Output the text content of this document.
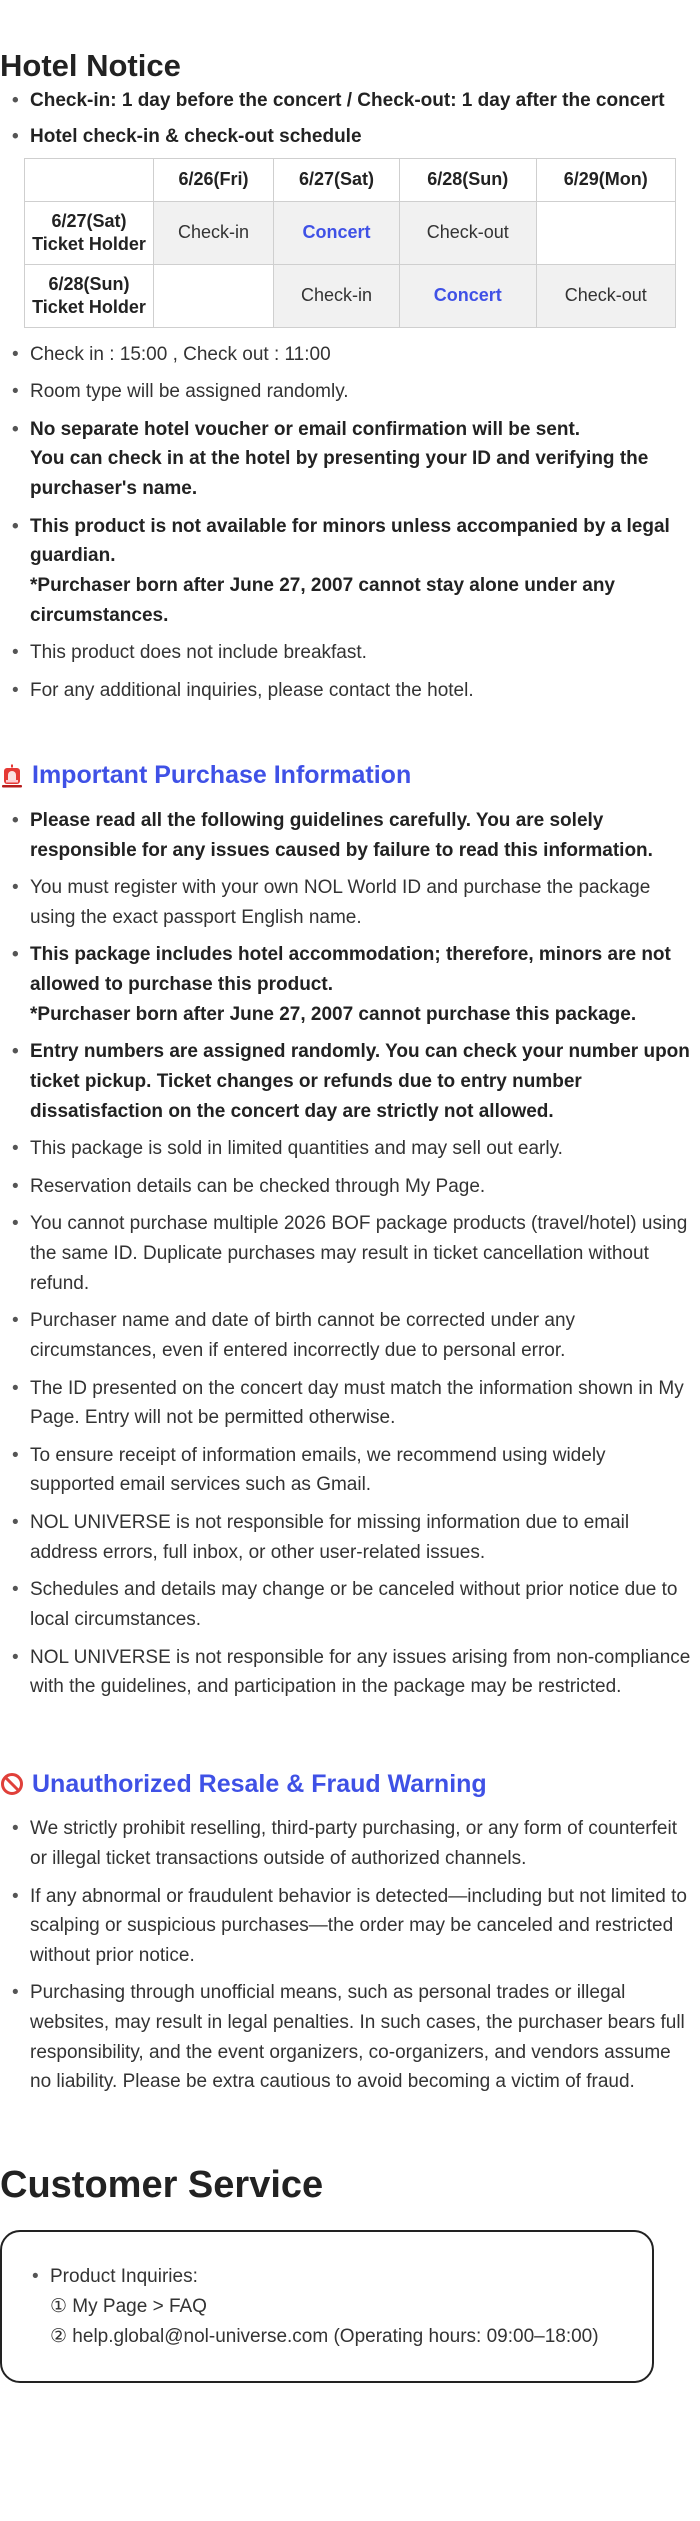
Hotel Notice
• Check-in: 1 day before the concert / Check-out: 1 day after the concert
• Hotel check-in & check-out schedule
	6/26(Fri)	6/27(Sat)	6/28(Sun)	6/29(Mon)
6/27(Sat)
Ticket Holder	Check-in	Concert	Check-out	
6/28(Sun)
Ticket Holder		Check-in	Concert	Check-out
• Check in : 15:00 , Check out : 11:00
• Room type will be assigned randomly.
• No separate hotel voucher or email confirmation will be sent.
You can check in at the hotel by presenting your ID and verifying the purchaser's name.
• This product is not available for minors unless accompanied by a legal guardian.
*Purchaser born after June 27, 2007 cannot stay alone under any circumstances.
• This product does not include breakfast.
• For any additional inquiries, please contact the hotel.
Important Purchase Information
• Please read all the following guidelines carefully. You are solely responsible for any issues caused by failure to read this information.
• You must register with your own NOL World ID and purchase the package using the exact passport English name.
• This package includes hotel accommodation; therefore, minors are not allowed to purchase this product.
*Purchaser born after June 27, 2007 cannot purchase this package.
• Entry numbers are assigned randomly. You can check your number upon ticket pickup. Ticket changes or refunds due to entry number dissatisfaction on the concert day are strictly not allowed.
• This package is sold in limited quantities and may sell out early.
• Reservation details can be checked through My Page.
• You cannot purchase multiple 2026 BOF package products (travel/hotel) using the same ID. Duplicate purchases may result in ticket cancellation without refund.
• Purchaser name and date of birth cannot be corrected under any circumstances, even if entered incorrectly due to personal error.
• The ID presented on the concert day must match the information shown in My Page. Entry will not be permitted otherwise.
• To ensure receipt of information emails, we recommend using widely supported email services such as Gmail.
• NOL UNIVERSE is not responsible for missing information due to email address errors, full inbox, or other user-related issues.
• Schedules and details may change or be canceled without prior notice due to local circumstances.
• NOL UNIVERSE is not responsible for any issues arising from non-compliance with the guidelines, and participation in the package may be restricted.
Unauthorized Resale & Fraud Warning
• We strictly prohibit reselling, third-party purchasing, or any form of counterfeit or illegal ticket transactions outside of authorized channels.
• If any abnormal or fraudulent behavior is detected—including but not limited to scalping or suspicious purchases—the order may be canceled and restricted without prior notice.
• Purchasing through unofficial means, such as personal trades or illegal websites, may result in legal penalties. In such cases, the purchaser bears full responsibility, and the event organizers, co-organizers, and vendors assume no liability. Please be extra cautious to avoid becoming a victim of fraud.
Customer Service
• Product Inquiries:
① My Page > FAQ
② help.global@nol-universe.com (Operating hours: 09:00–18:00)
